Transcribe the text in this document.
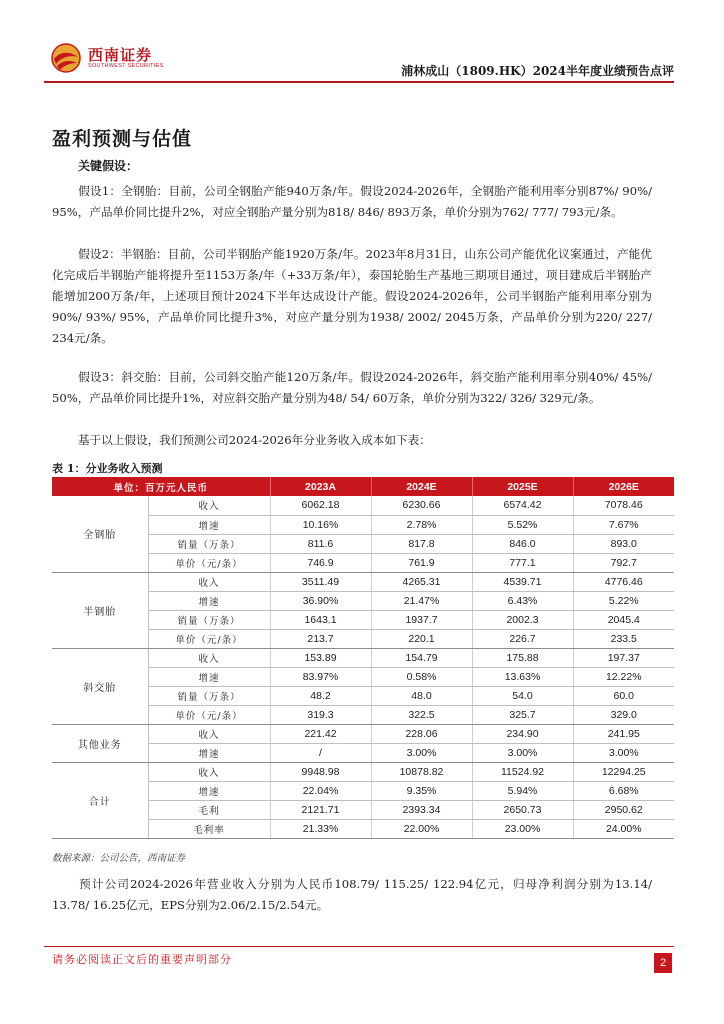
西南证券
SOUTHWEST SECURITIES	浦林成山（1809.HK）2024半年度业绩预告点评
盈利预测与估值
关键假设：
假设1：全钢胎：目前，公司全钢胎产能940万条/年。假设2024-2026年，全钢胎产能利用率分别87%/ 90%/ 95%，产品单价同比提升2%，对应全钢胎产量分别为818/ 846/ 893万条，单价分别为762/ 777/ 793元/条。
假设2：半钢胎：目前，公司半钢胎产能1920万条/年。2023年8月31日，山东公司产能优化议案通过，产能优化完成后半钢胎产能将提升至1153万条/年（+33万条/年），泰国轮胎生产基地三期项目通过，项目建成后半钢胎产能增加200万条/年，上述项目预计2024下半年达成设计产能。假设2024-2026年，公司半钢胎产能利用率分别为90%/ 93%/ 95%，产品单价同比提升3%，对应产量分别为1938/ 2002/ 2045万条，产品单价分别为220/ 227/ 234元/条。
假设3：斜交胎：目前，公司斜交胎产能120万条/年。假设2024-2026年，斜交胎产能利用率分别40%/ 45%/ 50%，产品单价同比提升1%，对应斜交胎产量分别为48/ 54/ 60万条，单价分别为322/ 326/ 329元/条。
基于以上假设，我们预测公司2024-2026年分业务收入成本如下表：
表 1：分业务收入预测
单位：百万元人民币		2023A	2024E	2025E	2026E
全钢胎	收入	6062.18	6230.66	6574.42	7078.46
	增速	10.16%	2.78%	5.52%	7.67%
	销量（万条）	811.6	817.8	846.0	893.0
	单价（元/条）	746.9	761.9	777.1	792.7
半钢胎	收入	3511.49	4265.31	4539.71	4776.46
	增速	36.90%	21.47%	6.43%	5.22%
	销量（万条）	1643.1	1937.7	2002.3	2045.4
	单价（元/条）	213.7	220.1	226.7	233.5
斜交胎	收入	153.89	154.79	175.88	197.37
	增速	83.97%	0.58%	13.63%	12.22%
	销量（万条）	48.2	48.0	54.0	60.0
	单价（元/条）	319.3	322.5	325.7	329.0
其他业务	收入	221.42	228.06	234.90	241.95
	增速	/	3.00%	3.00%	3.00%
合计	收入	9948.98	10878.82	11524.92	12294.25
	增速	22.04%	9.35%	5.94%	6.68%
	毛利	2121.71	2393.34	2650.73	2950.62
	毛利率	21.33%	22.00%	23.00%	24.00%
数据来源：公司公告，西南证券
预计公司2024-2026年营业收入分别为人民币108.79/ 115.25/ 122.94亿元，归母净利润分别为13.14/ 13.78/ 16.25亿元，EPS分别为2.06/2.15/2.54元。
请务必阅读正文后的重要声明部分	2
